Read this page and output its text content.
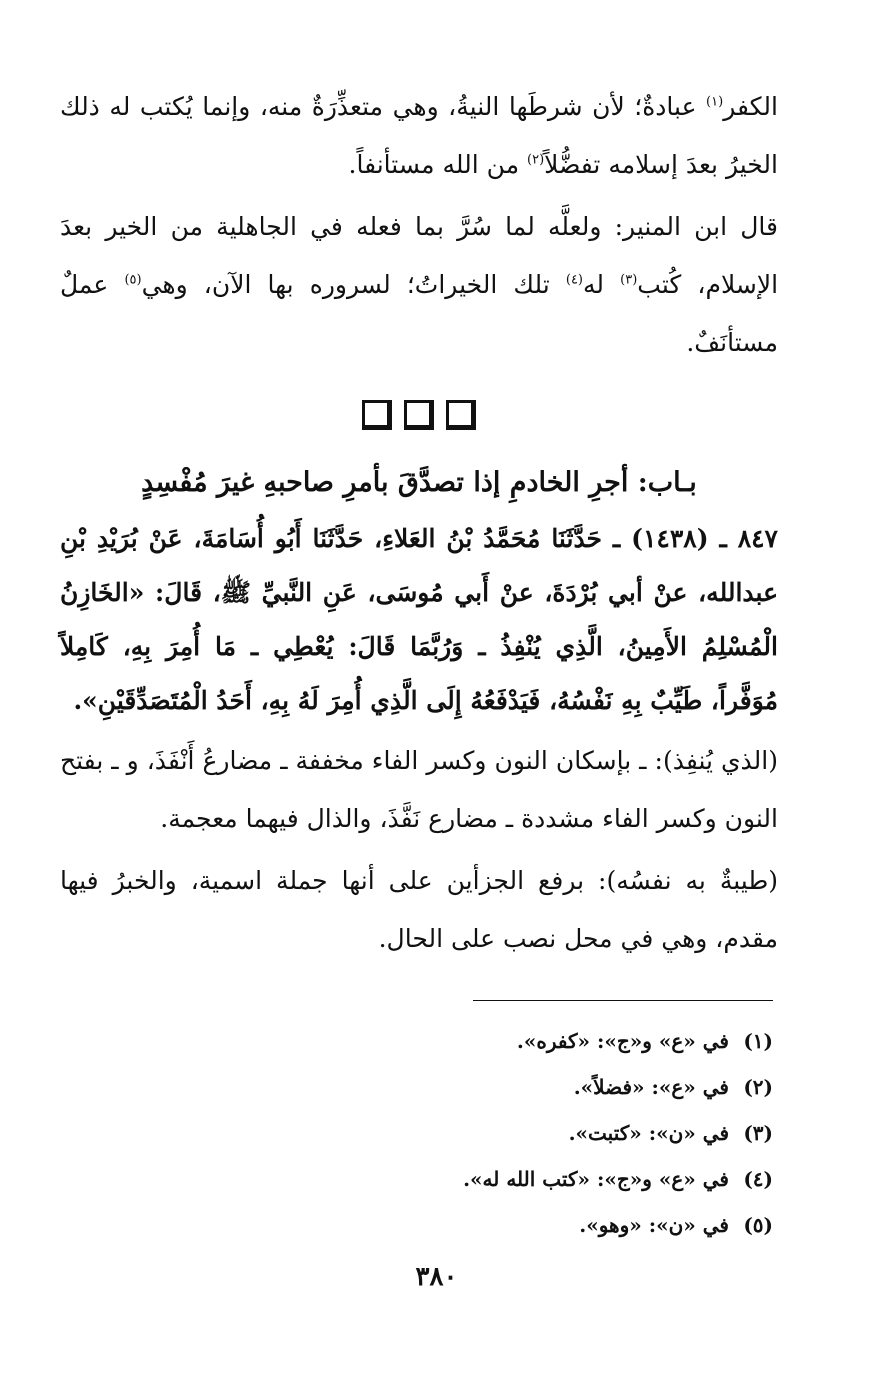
الكفر$^{(١)}$ عبادةٌ؛ لأن شرطَها النيةُ، وهي متعذِّرَةٌ منه، وإنما يُكتب له ذلك الخيرُ بعدَ إسلامه تفضُّلاً$^{(٢)}$ من الله مستأنفاً.

قال ابن المنير: ولعلَّه لما سُرَّ بما فعله في الجاهلية من الخير بعدَ الإسلام، كُتب$^{(٣)}$ له$^{(٤)}$ تلك الخيراتُ؛ لسروره بها الآن، وهي$^{(٥)}$ عملٌ مستأنَفٌ.

بـاب: أجرِ الخادمِ إذا تصدَّقَ بأمرِ صاحبهِ غيرَ مُفْسِدٍ

٨٤٧ ـ (١٤٣٨) ـ حَدَّثَنَا مُحَمَّدُ بْنُ العَلاءِ، حَدَّثَنَا أَبُو أُسَامَةَ، عَنْ بُرَيْدِ بْنِ عبدالله، عنْ أبي بُرْدَةَ، عنْ أَبي مُوسَى، عَنِ النَّبيِّ ﷺ، قَالَ: «الخَازِنُ الْمُسْلِمُ الأَمِينُ، الَّذِي يُنْفِذُ ـ وَرُبَّمَا قَالَ: يُعْطِي ـ مَا أُمِرَ بِهِ، كَامِلاً مُوَفَّراً، طَيِّبٌ بِهِ نَفْسُهُ، فَيَدْفَعُهُ إِلَى الَّذِي أُمِرَ لَهُ بِهِ، أَحَدُ الْمُتَصَدِّقَيْنِ».

(الذي يُنفِذ): ـ بإسكان النون وكسر الفاء مخففة ـ مضارعُ أَنْفَذَ، و ـ بفتح النون وكسر الفاء مشددة ـ مضارع نَفَّذَ، والذال فيهما معجمة.

(طيبةٌ به نفسُه): برفع الجزأين على أنها جملة اسمية، والخبرُ فيها مقدم، وهي في محل نصب على الحال.

(١)في «ع» و«ج»: «كفره».
(٢)في «ع»: «فضلاً».
(٣)في «ن»: «كتبت».
(٤)في «ع» و«ج»: «كتب الله له».
(٥)في «ن»: «وهو».
٣٨٠
